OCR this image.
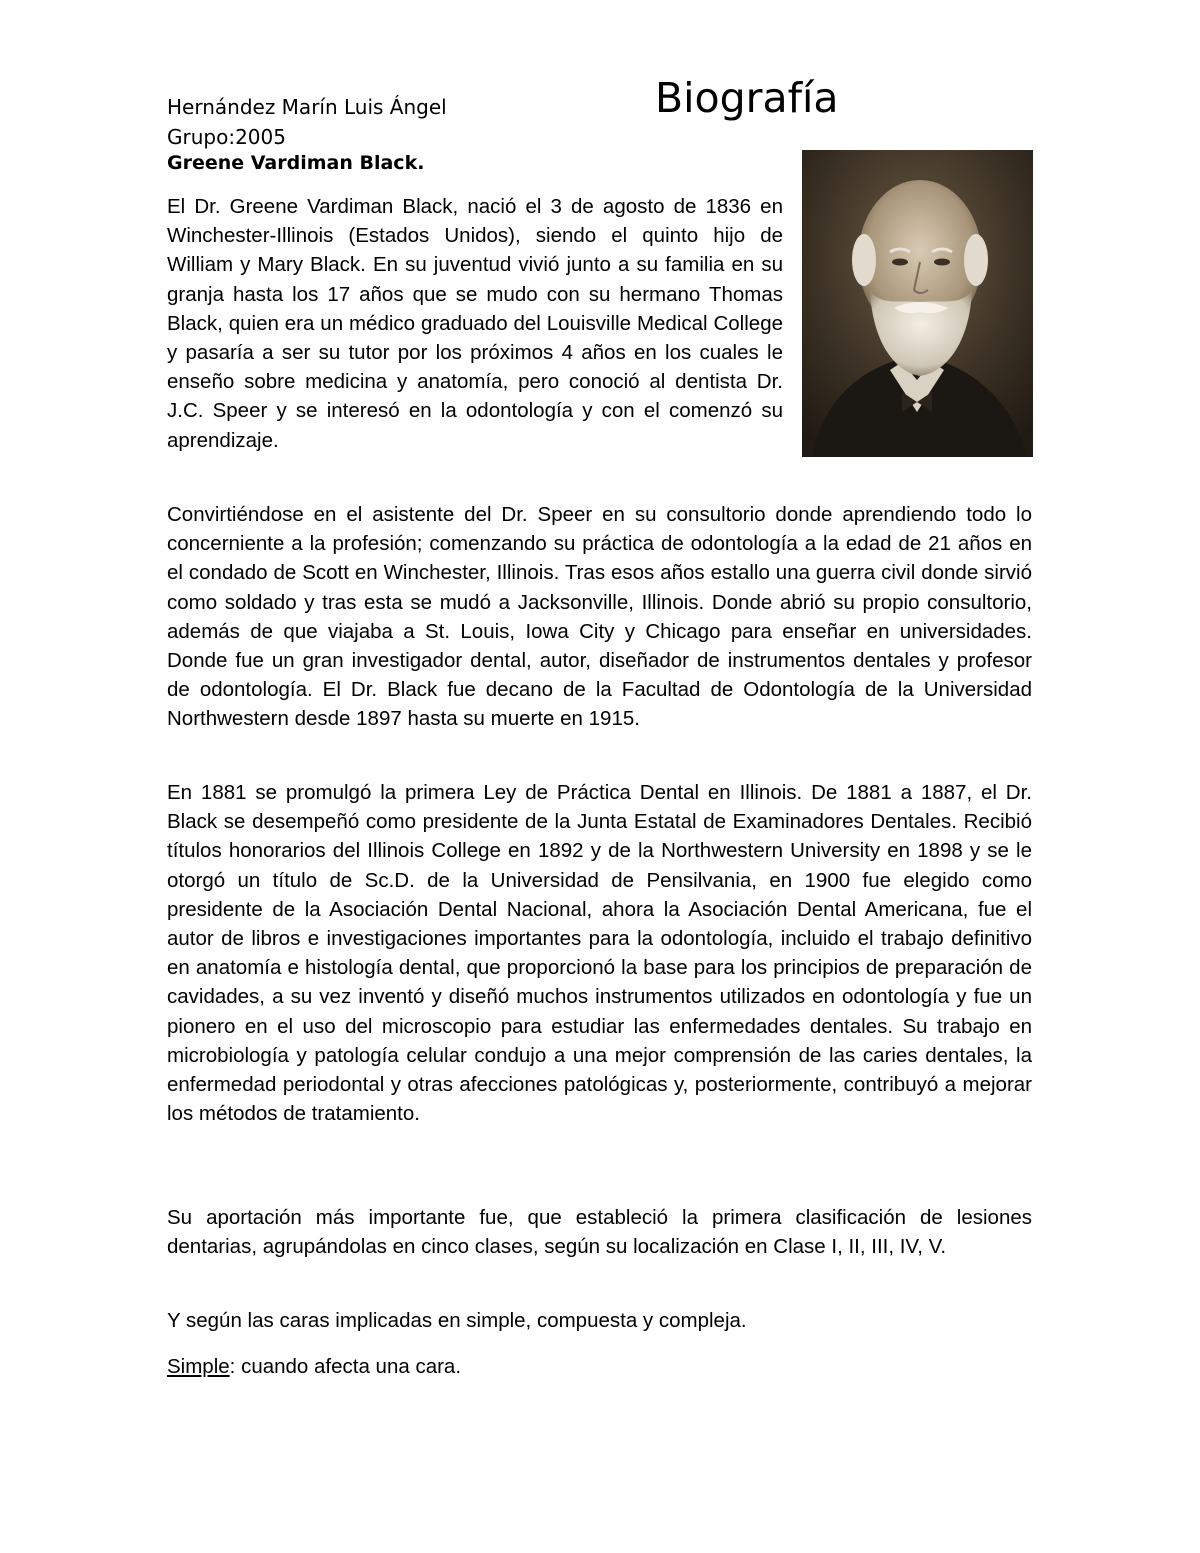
Hernández Marín Luis Ángel	Biografía

Grupo:2005

Greene Vardiman Black.

El Dr. Greene Vardiman Black, nació el 3 de agosto de 1836 en Winchester-Illinois (Estados Unidos), siendo el quinto hijo de William y Mary Black. En su juventud vivió junto a su familia en su granja hasta los 17 años que se mudo con su hermano Thomas Black, quien era un médico graduado del Louisville Medical College y pasaría a ser su tutor por los próximos 4 años en los cuales le enseño sobre medicina y anatomía, pero conoció al dentista Dr. J.C. Speer y se interesó en la odontología y con el comenzó su aprendizaje.

Convirtiéndose en el asistente del Dr. Speer en su consultorio donde aprendiendo todo lo concerniente a la profesión; comenzando su práctica de odontología a la edad de 21 años en el condado de Scott en Winchester, Illinois. Tras esos años estallo una guerra civil donde sirvió como soldado y tras esta se mudó a Jacksonville, Illinois. Donde abrió su propio consultorio, además de que viajaba a St. Louis, Iowa City y Chicago para enseñar en universidades. Donde fue un gran investigador dental, autor, diseñador de instrumentos dentales y profesor de odontología. El Dr. Black fue decano de la Facultad de Odontología de la Universidad Northwestern desde 1897 hasta su muerte en 1915.

En 1881 se promulgó la primera Ley de Práctica Dental en Illinois. De 1881 a 1887, el Dr. Black se desempeñó como presidente de la Junta Estatal de Examinadores Dentales. Recibió títulos honorarios del Illinois College en 1892 y de la Northwestern University en 1898 y se le otorgó un título de Sc.D. de la Universidad de Pensilvania, en 1900 fue elegido como presidente de la Asociación Dental Nacional, ahora la Asociación Dental Americana, fue el autor de libros e investigaciones importantes para la odontología, incluido el trabajo definitivo en anatomía e histología dental, que proporcionó la base para los principios de preparación de cavidades, a su vez inventó y diseñó muchos instrumentos utilizados en odontología y fue un pionero en el uso del microscopio para estudiar las enfermedades dentales. Su trabajo en microbiología y patología celular condujo a una mejor comprensión de las caries dentales, la enfermedad periodontal y otras afecciones patológicas y, posteriormente, contribuyó a mejorar los métodos de tratamiento.

Su aportación más importante fue, que estableció la primera clasificación de lesiones dentarias, agrupándolas en cinco clases, según su localización en Clase I, II, III, IV, V.

Y según las caras implicadas en simple, compuesta y compleja.

Simple: cuando afecta una cara.
